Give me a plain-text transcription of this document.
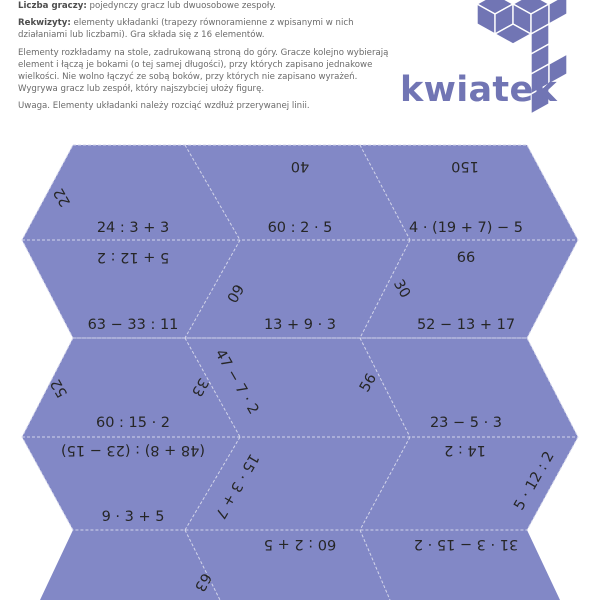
Liczba graczy: pojedynczy gracz lub dwuosobowe zespoły.

Rekwizyty: elementy układanki (trapezy równoramienne z wpisanymi w nich działaniami lub liczbami). Gra składa się z 16 elementów.

Elementy rozkładamy na stole, zadrukowaną stroną do góry. Gracze kolejno wybierają element i łączą je bokami (o tej samej długości), przy których zapisano jednakowe wielkości. Nie wolno łączyć ze sobą boków, przy których nie zapisano wyrażeń. Wygrywa gracz lub zespół, który najszybciej ułoży figurę.

Uwaga. Elementy układanki należy rozciąć wzdłuż przerywanej linii.	kwiatek
40	150
22
24 : 3 + 3	60 : 2 · 5	4 · (19 + 7) − 5
5 + 12 : 2	66
60	30
63 − 33 : 11	13 + 9 · 3	52 − 13 + 17
52	33 47 − 7 · 2	56
60 : 15 · 2	23 − 5 · 3
(48 + 8) : (23 − 15)	14 : 2
15 · 3 + 7	5 · 12 : 2
9 · 3 + 5
60 : 2 + 5	31 · 3 − 15 · 2
63
